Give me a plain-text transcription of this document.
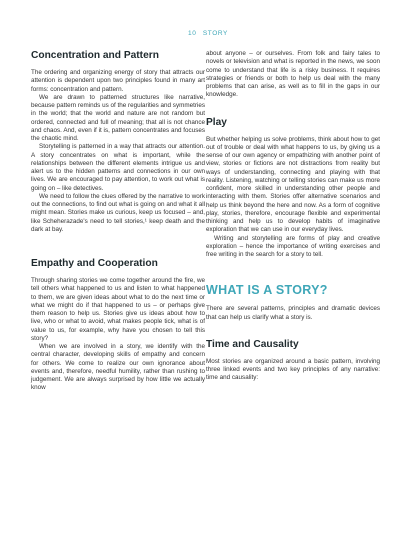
10 STORY
Concentration and Pattern

The ordering and organizing energy of story that attracts our attention is dependent upon two principles found in many art forms: concentration and pattern.

We are drawn to patterned structures like narrative, because pattern reminds us of the regularities and symmetries in the world; that the world and nature are not random but ordered, connected and full of meaning; that all is not chance and chaos. And, even if it is, pattern concentrates and focuses the chaotic mind.

Storytelling is patterned in a way that attracts our attention. A story concentrates on what is important, while the relationships between the different elements intrigue us and alert us to the hidden patterns and connections in our own lives. We are encouraged to pay attention, to work out what is going on – like detectives.

We need to follow the clues offered by the narrative to work out the connections, to find out what is going on and what it all might mean. Stories make us curious, keep us focused – and, like Scheherazade's need to tell stories,¹ keep death and the dark at bay.

Empathy and Cooperation

Through sharing stories we come together around the fire, we tell others what happened to us and listen to what happened to them, we are given ideas about what to do the next time or what we might do if that happened to us – or perhaps give them reason to help us. Stories give us ideas about how to live, who or what to avoid, what makes people tick, what is of value to us, for example, why have you chosen to tell this story?

When we are involved in a story, we identify with the central character, developing skills of empathy and concern for others. We come to realize our own ignorance about events and, therefore, needful humility, rather than rushing to judgement. We are always surprised by how little we actually know

about anyone – or ourselves. From folk and fairy tales to novels or television and what is reported in the news, we soon come to understand that life is a risky business. It requires strategies or friends or both to help us deal with the many problems that can arise, as well as to fill in the gaps in our knowledge.

Play

But whether helping us solve problems, think about how to get out of trouble or deal with what happens to us, by giving us a sense of our own agency or empathizing with another point of view, stories or fictions are not distractions from reality but ways of understanding, connecting and playing with that reality. Listening, watching or telling stories can make us more confident, more skilled in understanding other people and interacting with them. Stories offer alternative scenarios and help us think beyond the here and now. As a form of cognitive play, stories, therefore, encourage flexible and experimental thinking and help us to develop habits of imaginative exploration that we can use in our everyday lives.

Writing and storytelling are forms of play and creative exploration – hence the importance of writing exercises and free writing in the search for a story to tell.

WHAT IS A STORY?

There are several patterns, principles and dramatic devices that can help us clarify what a story is.

Time and Causality

Most stories are organized around a basic pattern, involving three linked events and two key principles of any narrative: time and causality:
